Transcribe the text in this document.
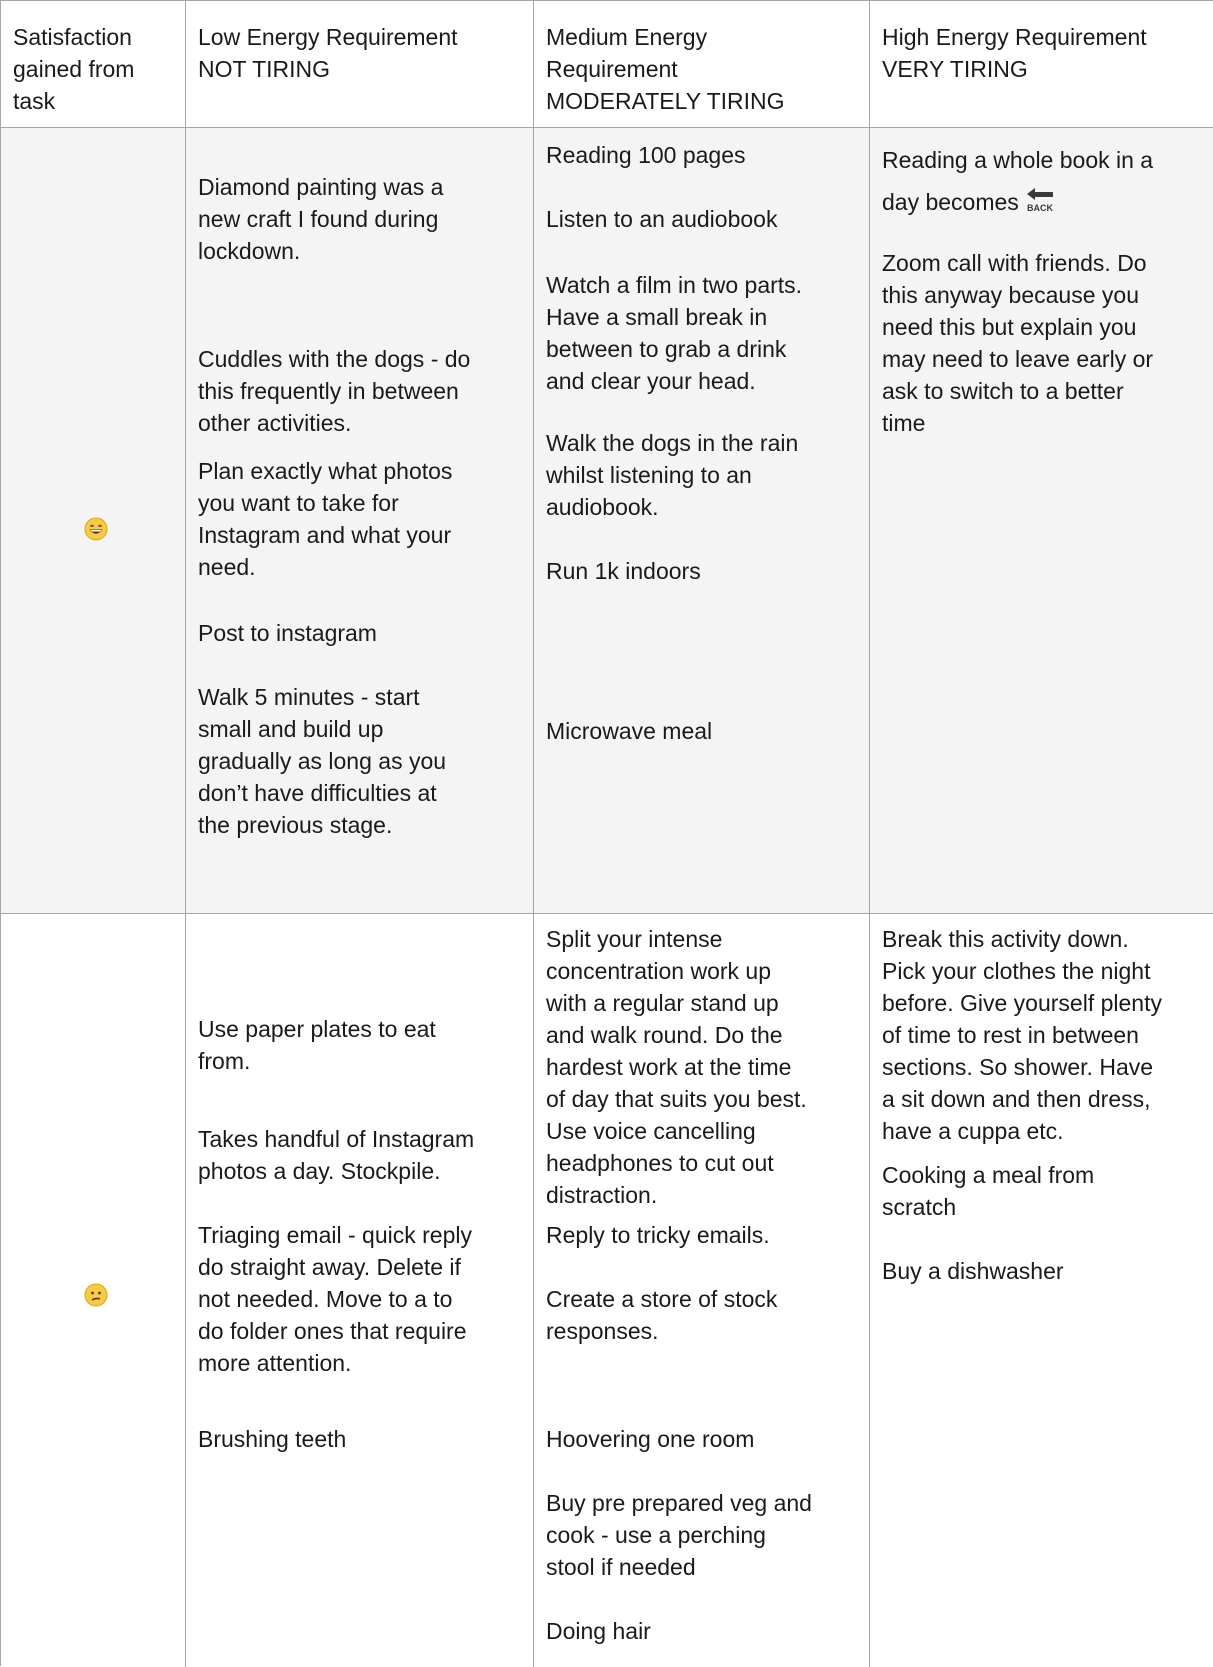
Satisfaction
gained from
task

Low Energy Requirement
NOT TIRING

Medium Energy
Requirement
MODERATELY TIRING

High Energy Requirement
VERY TIRING

Diamond painting was a
new craft I found during
lockdown.

Cuddles with the dogs - do
this frequently in between
other activities.

Plan exactly what photos
you want to take for
Instagram and what your
need.

Post to instagram

Walk 5 minutes - start
small and build up
gradually as long as you
don’t have difficulties at
the previous stage.

Reading 100 pages

Listen to an audiobook

Watch a film in two parts.
Have a small break in
between to grab a drink
and clear your head.

Walk the dogs in the rain
whilst listening to an
audiobook.

Run 1k indoors

Microwave meal

Reading a whole book in a
day becomes BACK

Zoom call with friends. Do
this anyway because you
need this but explain you
may need to leave early or
ask to switch to a better
time

Use paper plates to eat
from.

Takes handful of Instagram
photos a day. Stockpile.

Triaging email - quick reply
do straight away. Delete if
not needed. Move to a to
do folder ones that require
more attention.

Brushing teeth

Split your intense
concentration work up
with a regular stand up
and walk round. Do the
hardest work at the time
of day that suits you best.
Use voice cancelling
headphones to cut out
distraction.

Reply to tricky emails.

Create a store of stock
responses.

Hoovering one room

Buy pre prepared veg and
cook - use a perching
stool if needed

Doing hair

Break this activity down.
Pick your clothes the night
before. Give yourself plenty
of time to rest in between
sections. So shower. Have
a sit down and then dress,
have a cuppa etc.

Cooking a meal from
scratch

Buy a dishwasher
